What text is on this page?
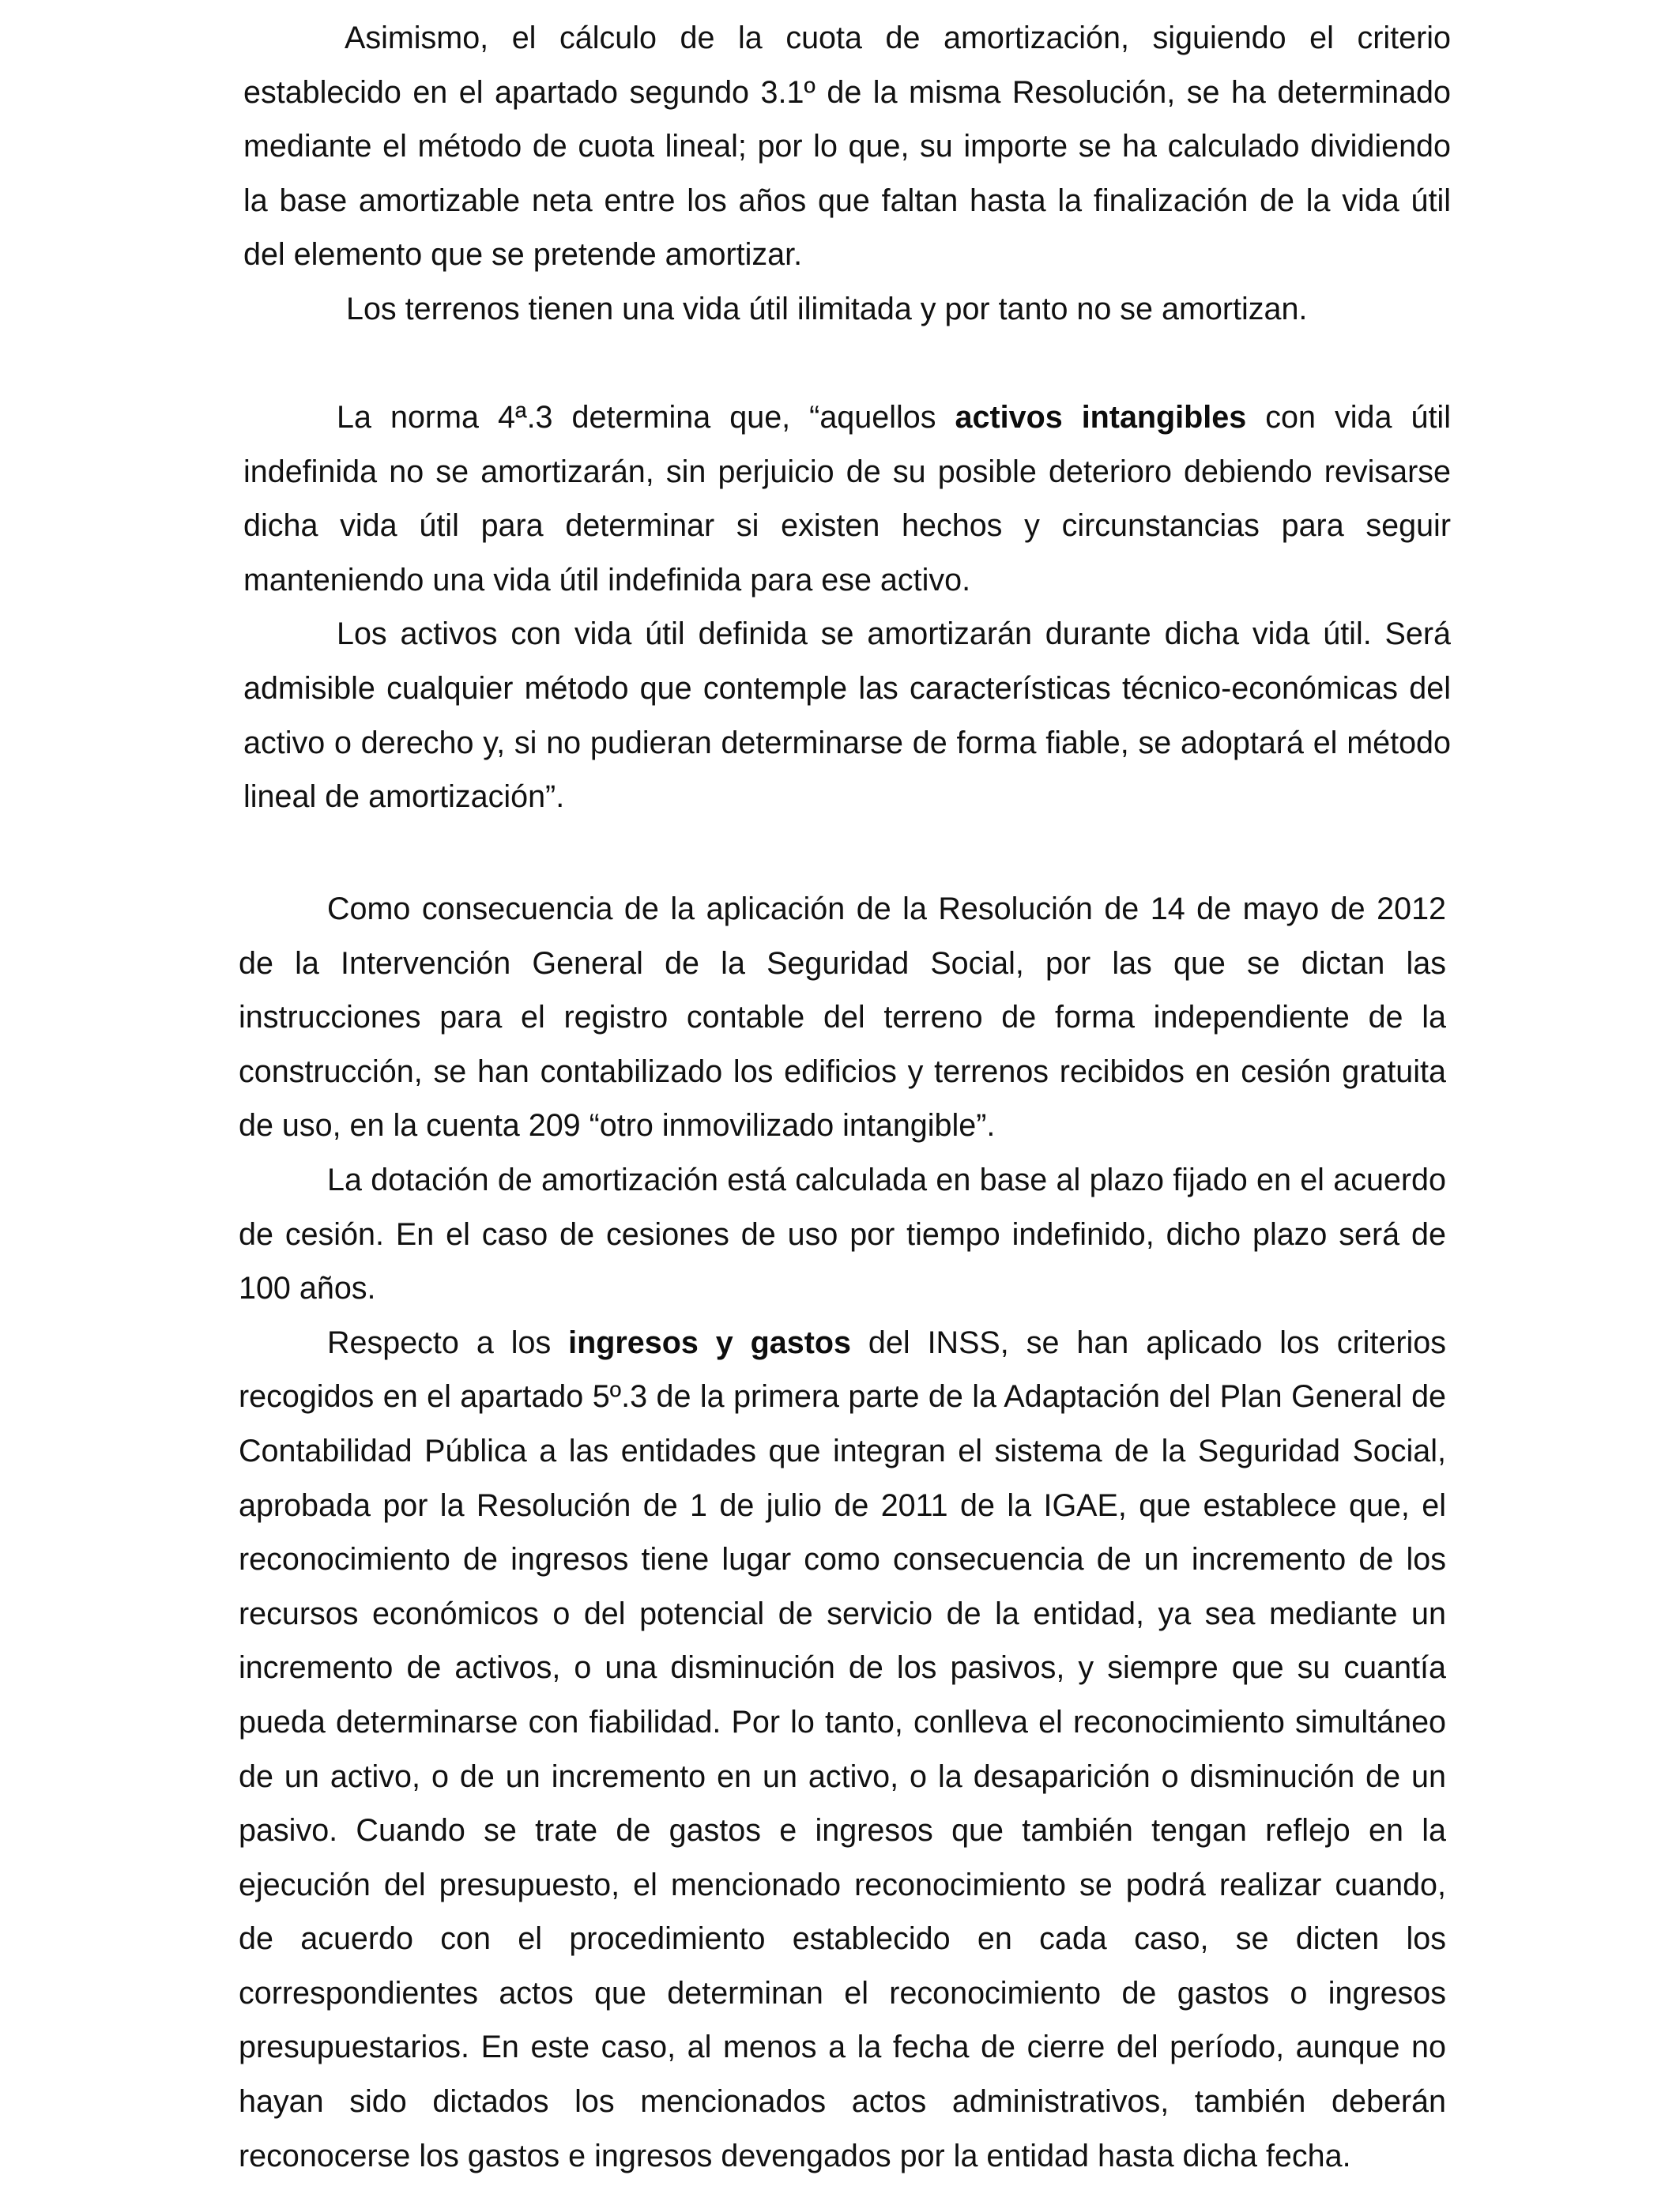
Asimismo, el cálculo de la cuota de amortización, siguiendo el criterio establecido en el apartado segundo 3.1º de la misma Resolución, se ha determinado mediante el método de cuota lineal; por lo que, su importe se ha calculado dividiendo la base amortizable neta entre los años que faltan hasta la finalización de la vida útil del elemento que se pretende amortizar.

Los terrenos tienen una vida útil ilimitada y por tanto no se amortizan.

La norma 4ª.3 determina que, “aquellos activos intangibles con vida útil indefinida no se amortizarán, sin perjuicio de su posible deterioro debiendo revisarse dicha vida útil para determinar si existen hechos y circunstancias para seguir manteniendo una vida útil indefinida para ese activo.

Los activos con vida útil definida se amortizarán durante dicha vida útil. Será admisible cualquier método que contemple las características técnico-económicas del activo o derecho y, si no pudieran determinarse de forma fiable, se adoptará el método lineal de amortización”.

Como consecuencia de la aplicación de la Resolución de 14 de mayo de 2012 de la Intervención General de la Seguridad Social, por las que se dictan las instrucciones para el registro contable del terreno de forma independiente de la construcción, se han contabilizado los edificios y terrenos recibidos en cesión gratuita de uso, en la cuenta 209 “otro inmovilizado intangible”.

La dotación de amortización está calculada en base al plazo fijado en el acuerdo de cesión. En el caso de cesiones de uso por tiempo indefinido, dicho plazo será de 100 años.

Respecto a los ingresos y gastos del INSS, se han aplicado los criterios recogidos en el apartado 5º.3 de la primera parte de la Adaptación del Plan General de Contabilidad Pública a las entidades que integran el sistema de la Seguridad Social, aprobada por la Resolución de 1 de julio de 2011 de la IGAE, que establece que, el reconocimiento de ingresos tiene lugar como consecuencia de un incremento de los recursos económicos o del potencial de servicio de la entidad, ya sea mediante un incremento de activos, o una disminución de los pasivos, y siempre que su cuantía pueda determinarse con fiabilidad. Por lo tanto, conlleva el reconocimiento simultáneo de un activo, o de un incremento en un activo, o la desaparición o disminución de un pasivo. Cuando se trate de gastos e ingresos que también tengan reflejo en la ejecución del presupuesto, el mencionado reconocimiento se podrá realizar cuando, de acuerdo con el procedimiento establecido en cada caso, se dicten los correspondientes actos que determinan el reconocimiento de gastos o ingresos presupuestarios. En este caso, al menos a la fecha de cierre del período, aunque no hayan sido dictados los mencionados actos administrativos, también deberán reconocerse los gastos e ingresos devengados por la entidad hasta dicha fecha.
